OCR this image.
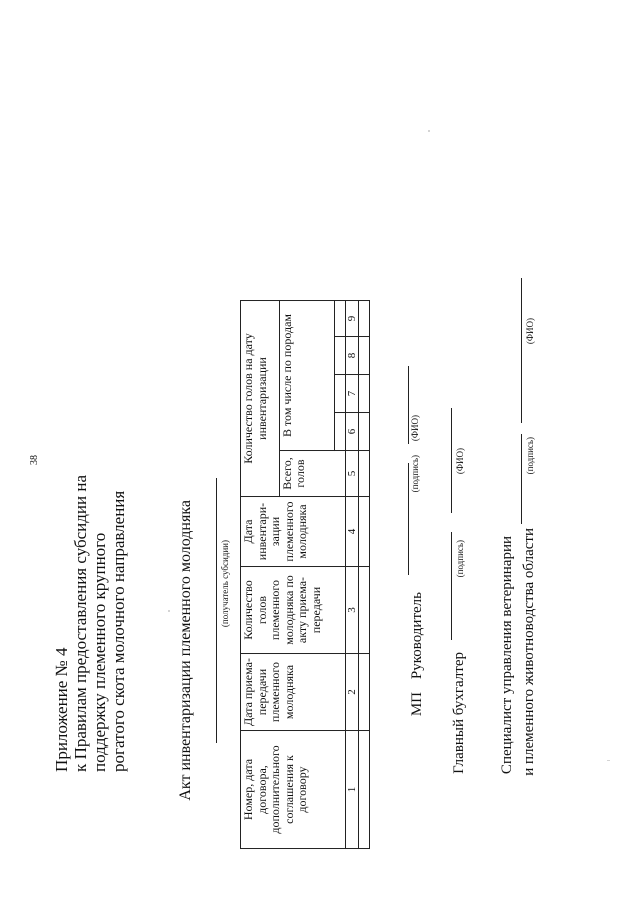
38
Приложение № 4 к Правилам предоставления субсидии на поддержку племенного крупного рогатого скота молочного направления	Акт инвентаризации племенного молодняка	(получатель субсидии)
Номер, дата договора, дополнительного соглашения к договору	Дата приема-передачи племенного молодняка	Количество голов племенного молодняка по акту приема-передачи	Дата инвентари-зации племенного молодняка	Количество голов на дату инвентаризации				
				Всего, голов	В том числе по породам			

1	2	3	4	5	6	7	8	9

МП
Руководитель
(подпись)
(ФИО)
Главный бухгалтер
(подпись)
(ФИО)
Специалист управления ветеринарии и племенного животноводства области
(подпись)
(ФИО)
